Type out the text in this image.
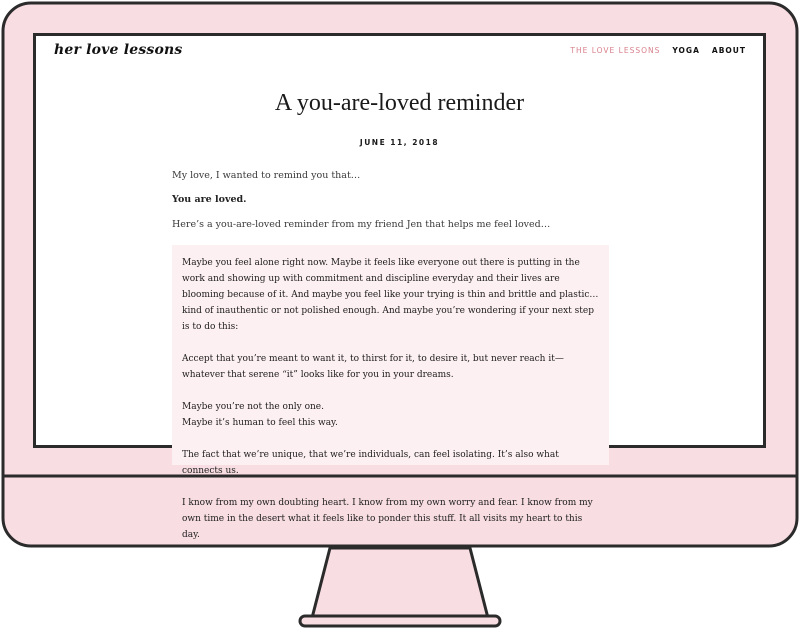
her love lessons	THE LOVE LESSONS YOGA ABOUT
A you-are-loved reminder
JUNE 11, 2018

My love, I wanted to remind you that…

You are loved.

Here’s a you-are-loved reminder from my friend Jen that helps me feel loved…

Maybe you feel alone right now. Maybe it feels like everyone out there is putting in the work and showing up with commitment and discipline everyday and their lives are blooming because of it. And maybe you feel like your trying is thin and brittle and plastic…kind of inauthentic or not polished enough. And maybe you’re wondering if your next step is to do this:

Accept that you’re meant to want it, to thirst for it, to desire it, but never reach it—whatever that serene “it” looks like for you in your dreams.

Maybe you’re not the only one.
Maybe it’s human to feel this way.

The fact that we’re unique, that we’re individuals, can feel isolating. It’s also what connects us.

I know from my own doubting heart. I know from my own worry and fear. I know from my own time in the desert what it feels like to ponder this stuff. It all visits my heart to this day.
